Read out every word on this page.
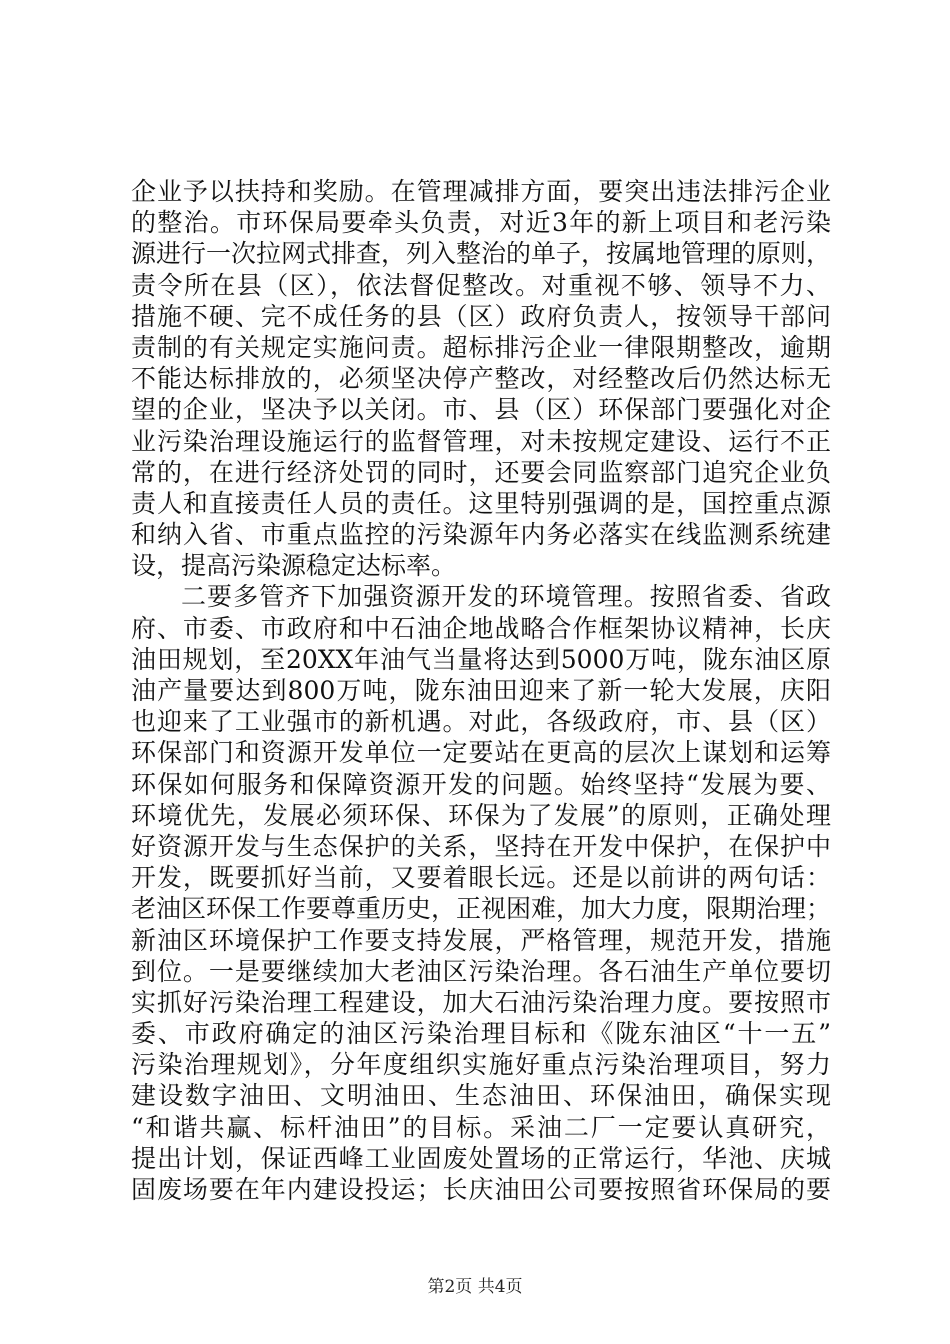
企业予以扶持和奖励。在管理减排方面，要突出违法排污企业
的整治。市环保局要牵头负责，对近3年的新上项目和老污染
源进行一次拉网式排查，列入整治的单子，按属地管理的原则，
责令所在县（区），依法督促整改。对重视不够、领导不力、
措施不硬、完不成任务的县（区）政府负责人，按领导干部问
责制的有关规定实施问责。超标排污企业一律限期整改，逾期
不能达标排放的，必须坚决停产整改，对经整改后仍然达标无
望的企业，坚决予以关闭。市、县（区）环保部门要强化对企
业污染治理设施运行的监督管理，对未按规定建设、运行不正
常的，在进行经济处罚的同时，还要会同监察部门追究企业负
责人和直接责任人员的责任。这里特别强调的是，国控重点源
和纳入省、市重点监控的污染源年内务必落实在线监测系统建
设，提高污染源稳定达标率。
二要多管齐下加强资源开发的环境管理。按照省委、省政
府、市委、市政府和中石油企地战略合作框架协议精神，长庆
油田规划，至20XX年油气当量将达到5000万吨，陇东油区原
油产量要达到800万吨，陇东油田迎来了新一轮大发展，庆阳
也迎来了工业强市的新机遇。对此，各级政府，市、县（区）
环保部门和资源开发单位一定要站在更高的层次上谋划和运筹
环保如何服务和保障资源开发的问题。始终坚持“发展为要、
环境优先，发展必须环保、环保为了发展”的原则，正确处理
好资源开发与生态保护的关系，坚持在开发中保护，在保护中
开发，既要抓好当前，又要着眼长远。还是以前讲的两句话：
老油区环保工作要尊重历史，正视困难，加大力度，限期治理；
新油区环境保护工作要支持发展，严格管理，规范开发，措施
到位。一是要继续加大老油区污染治理。各石油生产单位要切
实抓好污染治理工程建设，加大石油污染治理力度。要按照市
委、市政府确定的油区污染治理目标和《陇东油区“十一五”
污染治理规划》，分年度组织实施好重点污染治理项目，努力
建设数字油田、文明油田、生态油田、环保油田，确保实现
“和谐共赢、标杆油田”的目标。采油二厂一定要认真研究，
提出计划，保证西峰工业固废处置场的正常运行，华池、庆城
固废场要在年内建设投运；长庆油田公司要按照省环保局的要
第2页 共4页
